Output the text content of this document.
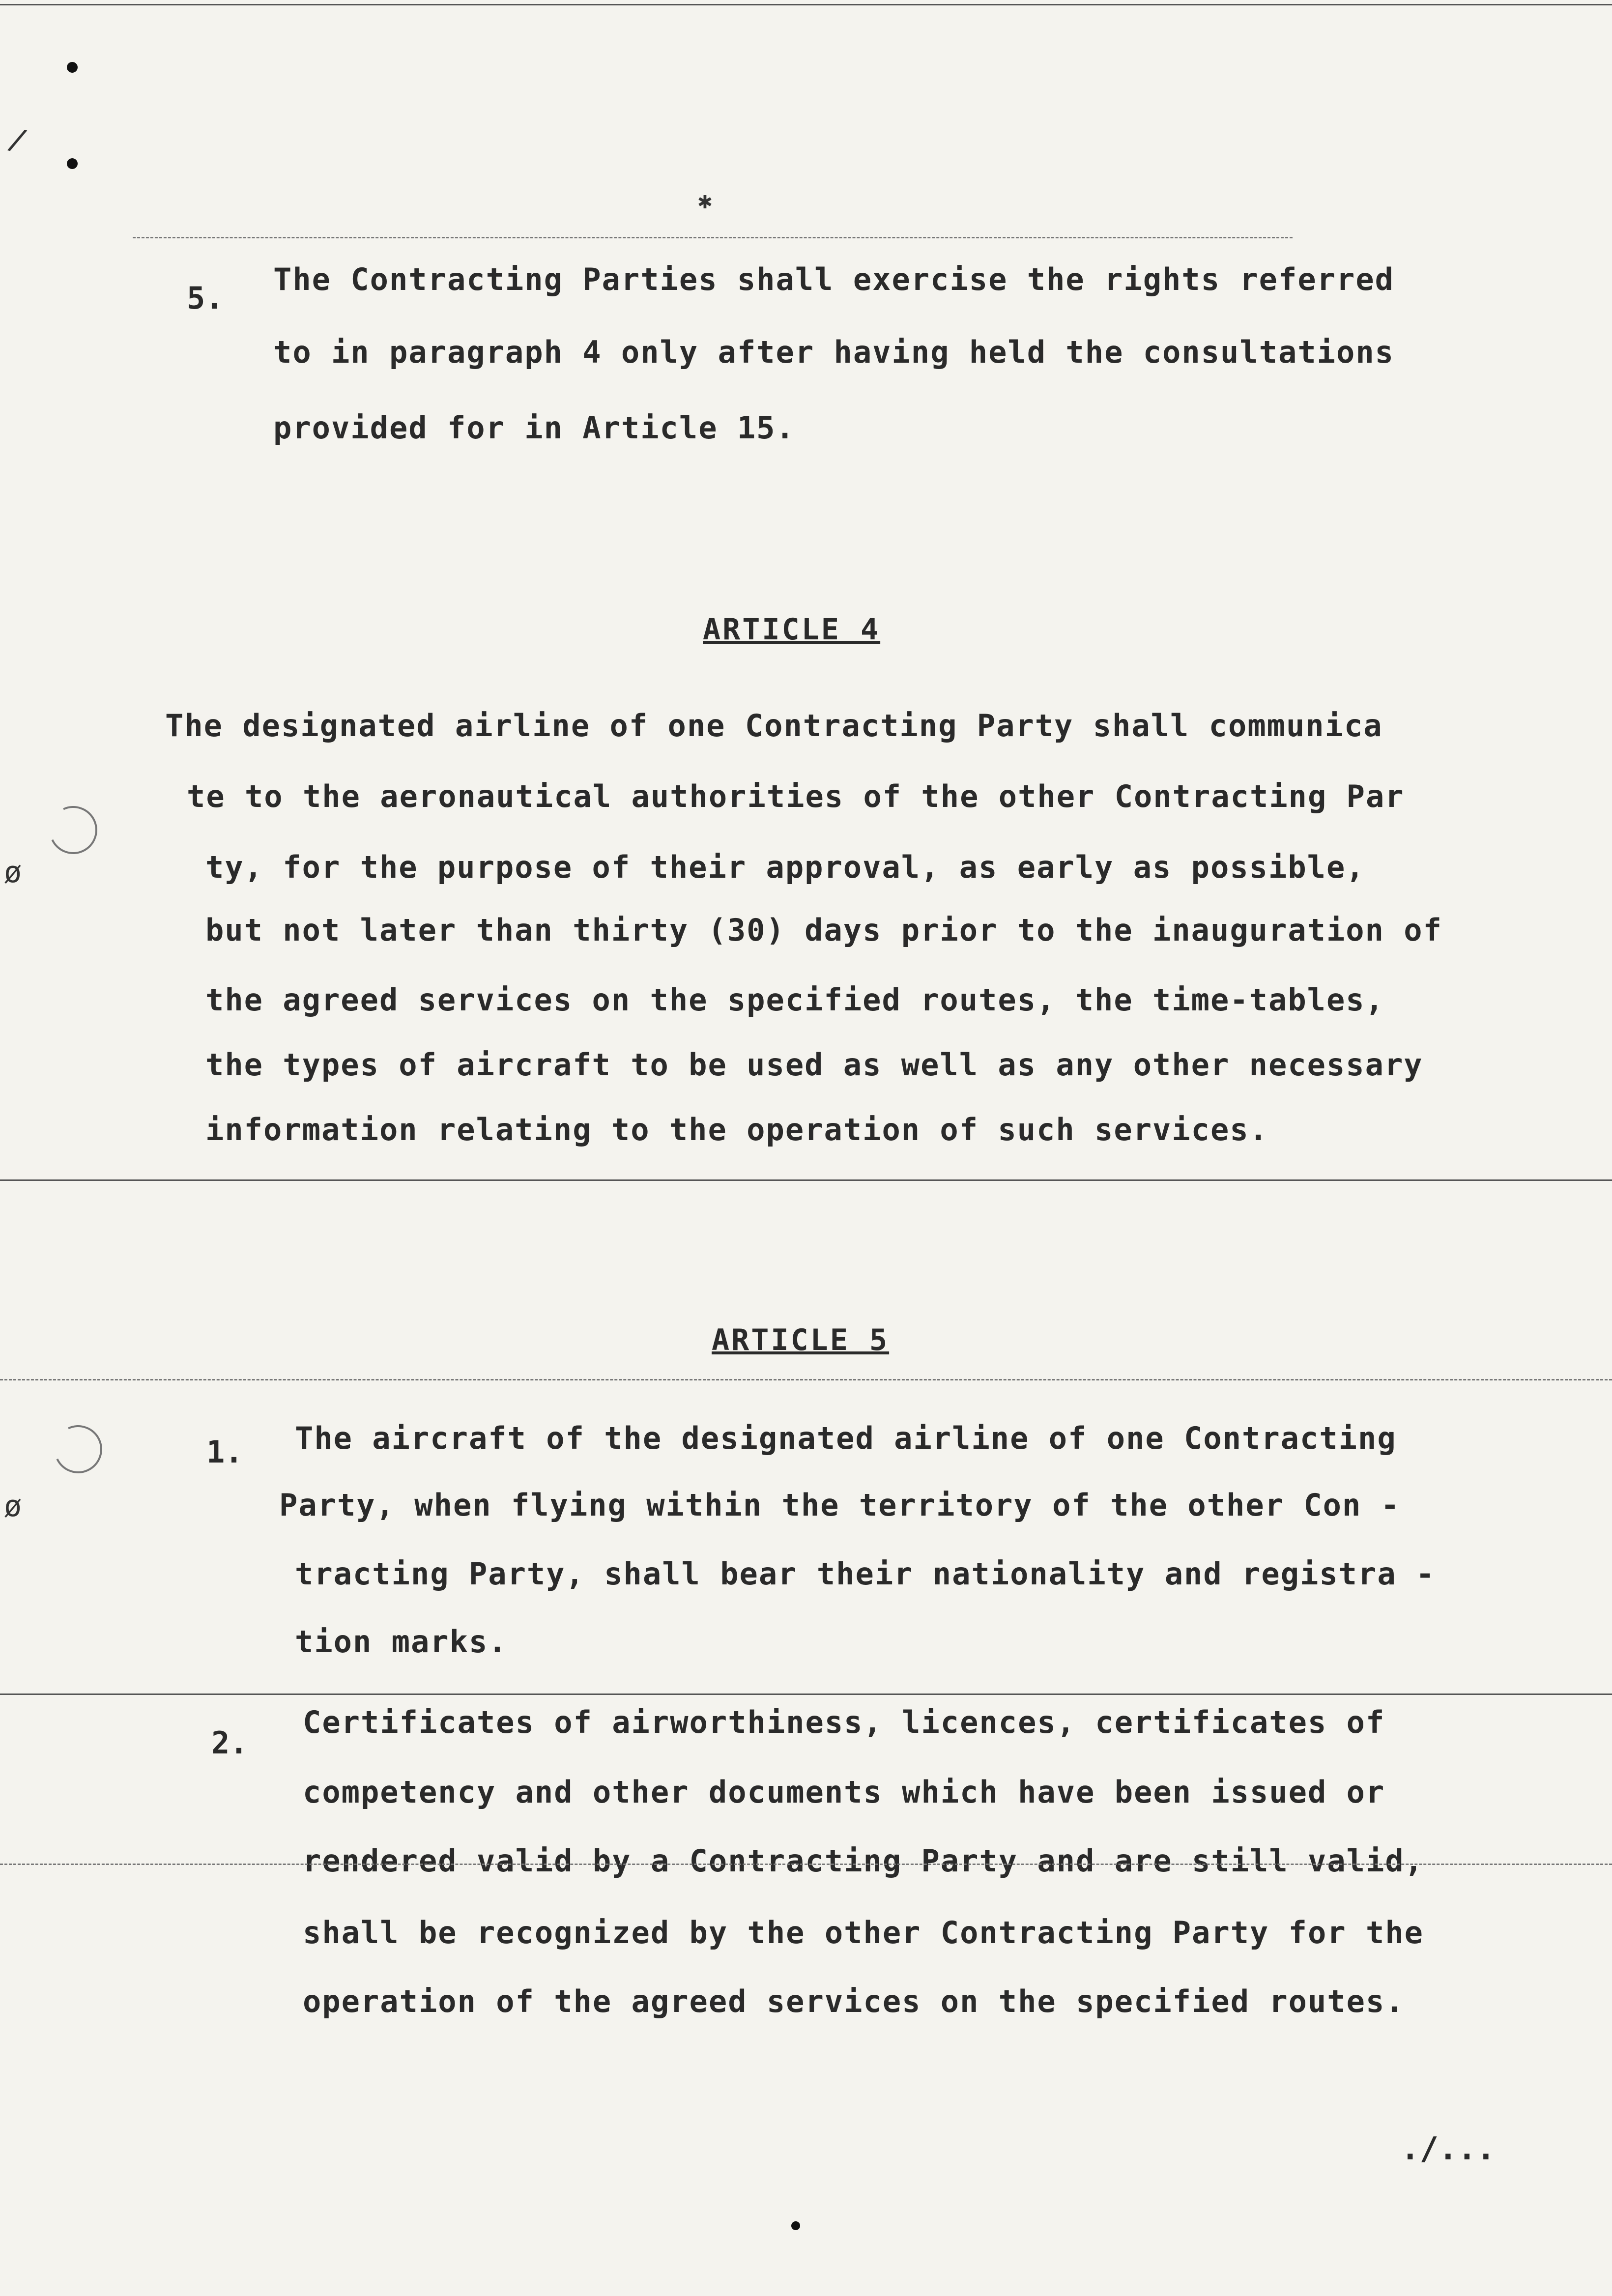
/
✱
5.
The Contracting Parties shall exercise the rights referred
to in paragraph 4 only after having held the consultations
provided for in Article 15.
ARTICLE 4
The designated airline of one Contracting Party shall communica
te to the aeronautical authorities of the other Contracting Par
ty, for the purpose of their approval, as early as possible,
but not later than thirty (30) days prior to the inauguration of
the agreed services on the specified routes, the time-tables,
the types of aircraft to be used as well as any other necessary
information relating to the operation of such services.
ø
ø
ARTICLE 5
1. The aircraft of the designated airline of one Contracting
Party, when flying within the territory of the other Con -
tracting Party, shall bear their nationality and registra -
tion marks.
2.
Certificates of airworthiness, licences, certificates of
competency and other documents which have been issued or
rendered valid by a Contracting Party and are still valid,
shall be recognized by the other Contracting Party for the
operation of the agreed services on the specified routes.
./...
